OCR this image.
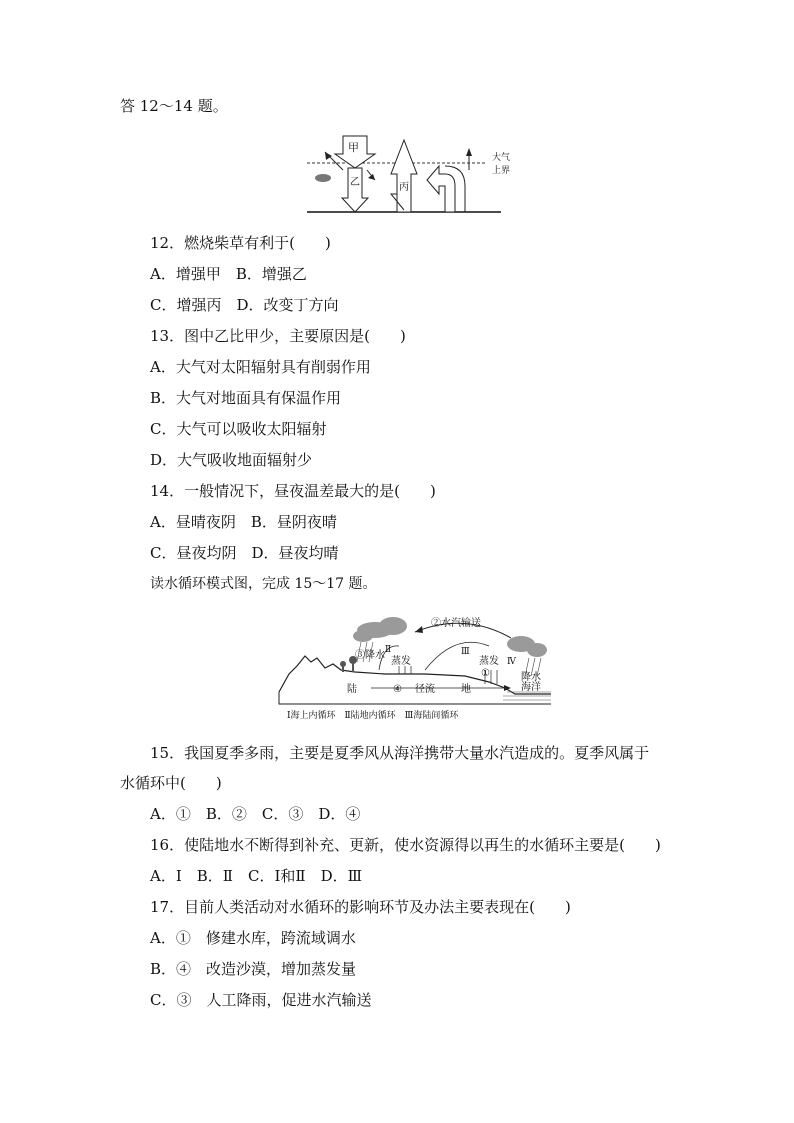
答 12～14 题。
甲
乙	丙
大气
上界
12．燃烧柴草有利于(　　)
A．增强甲　B．增强乙
C．增强丙　D．改变丁方向
13．图中乙比甲少，主要原因是(　　)
A．大气对太阳辐射具有削弱作用
B．大气对地面具有保温作用
C．大气可以吸收太阳辐射
D．大气吸收地面辐射少
14．一般情况下，昼夜温差最大的是(　　)
A．昼晴夜阴　B．昼阴夜晴
C．昼夜均阴　D．昼夜均晴
读水循环模式图，完成 15～17 题。
②水汽输送
③降水 Ⅱ
蒸发
Ⅲ
蒸发
①
Ⅳ
降水
陆	④ 径流	地	海洋
Ⅰ海上内循环　Ⅱ陆地内循环　Ⅲ海陆间循环
15．我国夏季多雨，主要是夏季风从海洋携带大量水汽造成的。夏季风属于
水循环中(　　)
A．①　B．②　C．③　D．④
16．使陆地水不断得到补充、更新，使水资源得以再生的水循环主要是(　　)
A．Ⅰ　B．Ⅱ　C．Ⅰ和Ⅱ　D．Ⅲ
17．目前人类活动对水循环的影响环节及办法主要表现在(　　)
A．①　修建水库，跨流域调水
B．④　改造沙漠，增加蒸发量
C．③　人工降雨，促进水汽输送
